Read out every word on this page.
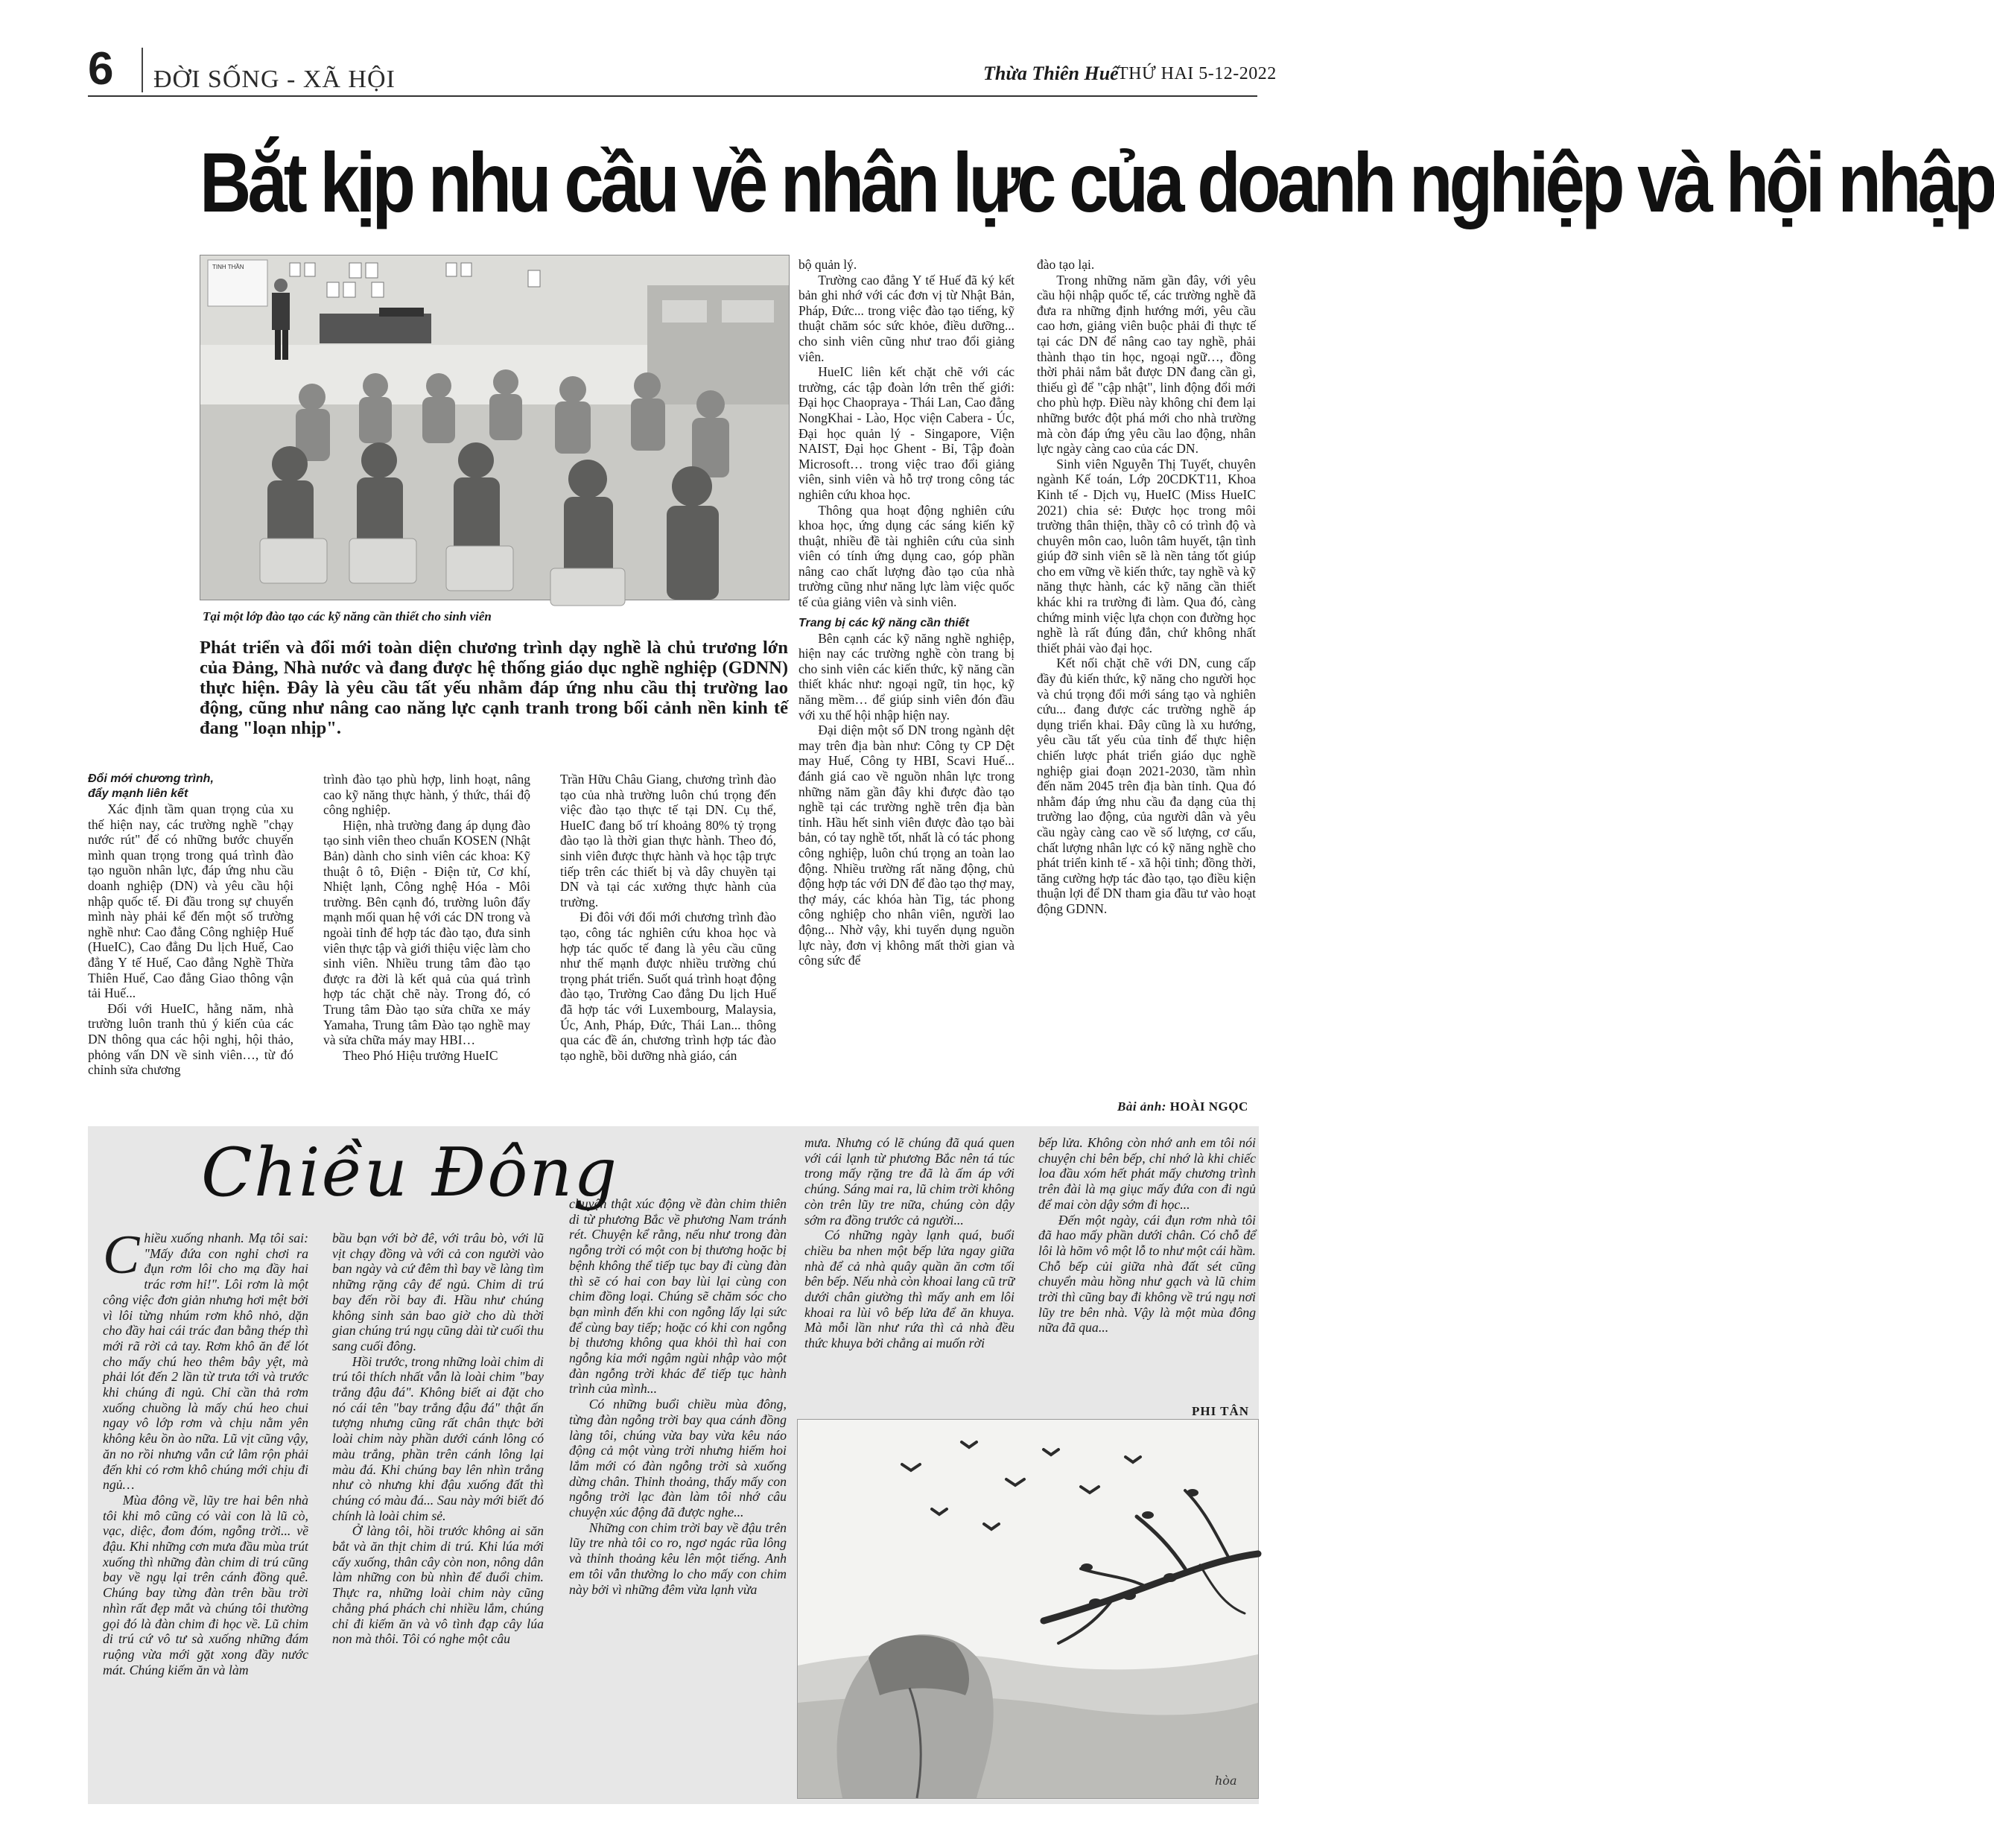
6 ĐỜI SỐNG - XÃ HỘI	Thừa Thiên Huế
THỨ HAI 5-12-2022
Bắt kịp nhu cầu về nhân lực của doanh nghiệp và hội nhập
TINH THẦN
Tại một lớp đào tạo các kỹ năng cần thiết cho sinh viên
Phát triển và đổi mới toàn diện chương trình dạy nghề là chủ trương lớn của Đảng, Nhà nước và đang được hệ thống giáo dục nghề nghiệp (GDNN) thực hiện. Đây là yêu cầu tất yếu nhằm đáp ứng nhu cầu thị trường lao động, cũng như nâng cao năng lực cạnh tranh trong bối cảnh nền kinh tế đang "loạn nhịp".

Đổi mới chương trình,

đẩy mạnh liên kết

Xác định tầm quan trọng của xu thế hiện nay, các trường nghề "chạy nước rút" để có những bước chuyển mình quan trọng trong quá trình đào tạo nguồn nhân lực, đáp ứng nhu cầu doanh nghiệp (DN) và yêu cầu hội nhập quốc tế. Đi đầu trong sự chuyển mình này phải kể đến một số trường nghề như: Cao đẳng Công nghiệp Huế (HueIC), Cao đẳng Du lịch Huế, Cao đẳng Y tế Huế, Cao đẳng Nghề Thừa Thiên Huế, Cao đẳng Giao thông vận tải Huế...

Đối với HueIC, hằng năm, nhà trường luôn tranh thủ ý kiến của các DN thông qua các hội nghị, hội thảo, phỏng vấn DN về sinh viên…, từ đó chỉnh sửa chương

trình đào tạo phù hợp, linh hoạt, nâng cao kỹ năng thực hành, ý thức, thái độ công nghiệp.

Hiện, nhà trường đang áp dụng đào tạo sinh viên theo chuẩn KOSEN (Nhật Bản) dành cho sinh viên các khoa: Kỹ thuật ô tô, Điện - Điện tử, Cơ khí, Nhiệt lạnh, Công nghệ Hóa - Môi trường. Bên cạnh đó, trường luôn đẩy mạnh mối quan hệ với các DN trong và ngoài tỉnh để hợp tác đào tạo, đưa sinh viên thực tập và giới thiệu việc làm cho sinh viên. Nhiều trung tâm đào tạo được ra đời là kết quả của quá trình hợp tác chặt chẽ này. Trong đó, có Trung tâm Đào tạo sửa chữa xe máy Yamaha, Trung tâm Đào tạo nghề may và sửa chữa máy may HBI…

Theo Phó Hiệu trưởng HueIC

Trần Hữu Châu Giang, chương trình đào tạo của nhà trường luôn chú trọng đến việc đào tạo thực tế tại DN. Cụ thể, HueIC đang bố trí khoảng 80% tỷ trọng đào tạo là thời gian thực hành. Theo đó, sinh viên được thực hành và học tập trực tiếp trên các thiết bị và dây chuyền tại DN và tại các xưởng thực hành của trường.

Đi đôi với đổi mới chương trình đào tạo, công tác nghiên cứu khoa học và hợp tác quốc tế đang là yêu cầu cũng như thế mạnh được nhiều trường chú trọng phát triển. Suốt quá trình hoạt động đào tạo, Trường Cao đẳng Du lịch Huế đã hợp tác với Luxembourg, Malaysia, Úc, Anh, Pháp, Đức, Thái Lan... thông qua các đề án, chương trình hợp tác đào tạo nghề, bồi dưỡng nhà giáo, cán

bộ quản lý.

Trường cao đẳng Y tế Huế đã ký kết bản ghi nhớ với các đơn vị từ Nhật Bản, Pháp, Đức... trong việc đào tạo tiếng, kỹ thuật chăm sóc sức khỏe, điều dưỡng... cho sinh viên cũng như trao đổi giảng viên.

HueIC liên kết chặt chẽ với các trường, các tập đoàn lớn trên thế giới: Đại học Chaopraya - Thái Lan, Cao đẳng NongKhai - Lào, Học viện Cabera - Úc, Đại học quản lý - Singapore, Viện NAIST, Đại học Ghent - Bỉ, Tập đoàn Microsoft… trong việc trao đổi giảng viên, sinh viên và hỗ trợ trong công tác nghiên cứu khoa học.

Thông qua hoạt động nghiên cứu khoa học, ứng dụng các sáng kiến kỹ thuật, nhiều đề tài nghiên cứu của sinh viên có tính ứng dụng cao, góp phần nâng cao chất lượng đào tạo của nhà trường cũng như năng lực làm việc quốc tế của giảng viên và sinh viên.

Trang bị các kỹ năng cần thiết

Bên cạnh các kỹ năng nghề nghiệp, hiện nay các trường nghề còn trang bị cho sinh viên các kiến thức, kỹ năng cần thiết khác như: ngoại ngữ, tin học, kỹ năng mềm… để giúp sinh viên đón đầu với xu thế hội nhập hiện nay.

Đại diện một số DN trong ngành dệt may trên địa bàn như: Công ty CP Dệt may Huế, Công ty HBI, Scavi Huế... đánh giá cao về nguồn nhân lực trong những năm gần đây khi được đào tạo nghề tại các trường nghề trên địa bàn tỉnh. Hầu hết sinh viên được đào tạo bài bản, có tay nghề tốt, nhất là có tác phong công nghiệp, luôn chú trọng an toàn lao động. Nhiều trường rất năng động, chủ động hợp tác với DN để đào tạo thợ may, thợ máy, các khóa hàn Tig, tác phong công nghiệp cho nhân viên, người lao động... Nhờ vậy, khi tuyển dụng nguồn lực này, đơn vị không mất thời gian và công sức để

đào tạo lại.

Trong những năm gần đây, với yêu cầu hội nhập quốc tế, các trường nghề đã đưa ra những định hướng mới, yêu cầu cao hơn, giảng viên buộc phải đi thực tế tại các DN để nâng cao tay nghề, phải thành thạo tin học, ngoại ngữ…, đồng thời phải nắm bắt được DN đang cần gì, thiếu gì để "cập nhật", linh động đổi mới cho phù hợp. Điều này không chỉ đem lại những bước đột phá mới cho nhà trường mà còn đáp ứng yêu cầu lao động, nhân lực ngày càng cao của các DN.

Sinh viên Nguyễn Thị Tuyết, chuyên ngành Kế toán, Lớp 20CDKT11, Khoa Kinh tế - Dịch vụ, HueIC (Miss HueIC 2021) chia sẻ: Được học trong môi trường thân thiện, thầy cô có trình độ và chuyên môn cao, luôn tâm huyết, tận tình giúp đỡ sinh viên sẽ là nền tảng tốt giúp cho em vững về kiến thức, tay nghề và kỹ năng thực hành, các kỹ năng cần thiết khác khi ra trường đi làm. Qua đó, càng chứng minh việc lựa chọn con đường học nghề là rất đúng đắn, chứ không nhất thiết phải vào đại học.

Kết nối chặt chẽ với DN, cung cấp đầy đủ kiến thức, kỹ năng cho người học và chú trọng đổi mới sáng tạo và nghiên cứu... đang được các trường nghề áp dụng triển khai. Đây cũng là xu hướng, yêu cầu tất yếu của tỉnh để thực hiện chiến lược phát triển giáo dục nghề nghiệp giai đoạn 2021-2030, tầm nhìn đến năm 2045 trên địa bàn tỉnh. Qua đó nhằm đáp ứng nhu cầu đa dạng của thị trường lao động, của người dân và yêu cầu ngày càng cao về số lượng, cơ cấu, chất lượng nhân lực có kỹ năng nghề cho phát triển kinh tế - xã hội tỉnh; đồng thời, tăng cường hợp tác đào tạo, tạo điều kiện thuận lợi để DN tham gia đầu tư vào hoạt động GDNN.

Bài ảnh: HOÀI NGỌC
Chiều Đông

Chiều xuống nhanh. Mạ tôi sai: "Mấy đứa con nghỉ chơi ra đụn rơm lôi cho mạ đầy hai trác rơm hỉ!". Lôi rơm là một công việc đơn giản nhưng hơi mệt bởi vì lôi từng nhúm rơm khô nhỏ, dặn cho đầy hai cái trác đan bằng thép thì mới rã rời cả tay. Rơm khô ăn để lót cho mấy chú heo thêm bây yệt, mà phải lót đến 2 lần từ trưa tới và trước khi chúng đi ngủ. Chỉ cần thả rơm xuống chuồng là mấy chú heo chui ngay vô lớp rơm và chịu nằm yên không kêu ồn ào nữa. Lũ vịt cũng vậy, ăn no rồi nhưng vẫn cứ lâm rộn phải đến khi có rơm khô chúng mới chịu đi ngủ…

Mùa đông về, lũy tre hai bên nhà tôi khi mô cũng có vài con là lũ cò, vạc, diệc, đom đóm, ngỗng trời... về đậu. Khi những cơn mưa đầu mùa trút xuống thì những đàn chim di trú cũng bay về ngụ lại trên cánh đồng quê. Chúng bay từng đàn trên bầu trời nhìn rất đẹp mắt và chúng tôi thường gọi đó là đàn chim đi học về. Lũ chim di trú cứ vô tư sà xuống những đám ruộng vừa mới gặt xong đầy nước mát. Chúng kiếm ăn và làm

bầu bạn với bờ đê, với trâu bò, với lũ vịt chạy đồng và với cả con người vào ban ngày và cứ đêm thì bay về làng tìm những rặng cây để ngủ. Chim di trú bay đến rồi bay đi. Hầu như chúng không sinh sản bao giờ cho dù thời gian chúng trú ngụ cũng dài từ cuối thu sang cuối đông.

Hồi trước, trong những loài chim di trú tôi thích nhất vẫn là loài chim "bay trắng đậu đá". Không biết ai đặt cho nó cái tên "bay trắng đậu đá" thật ấn tượng nhưng cũng rất chân thực bởi loài chim này phần dưới cánh lông có màu trắng, phần trên cánh lông lại màu đá. Khi chúng bay lên nhìn trắng như cò nhưng khi đậu xuống đất thì chúng có màu đá... Sau này mới biết đó chính là loài chim sẻ.

Ở làng tôi, hồi trước không ai săn bắt và ăn thịt chim di trú. Khi lúa mới cấy xuống, thân cây còn non, nông dân làm những con bù nhìn để đuổi chim. Thực ra, những loài chim này cũng chẳng phá phách chi nhiều lắm, chúng chỉ đi kiếm ăn và vô tình đạp cây lúa non mà thôi. Tôi có nghe một câu

chuyện thật xúc động về đàn chim thiên di từ phương Bắc về phương Nam tránh rét. Chuyện kể rằng, nếu như trong đàn ngỗng trời có một con bị thương hoặc bị bệnh không thể tiếp tục bay đi cùng đàn thì sẽ có hai con bay lùi lại cùng con chim đồng loại. Chúng sẽ chăm sóc cho bạn mình đến khi con ngỗng lấy lại sức để cùng bay tiếp; hoặc có khi con ngỗng bị thương không qua khỏi thì hai con ngỗng kia mới ngậm ngùi nhập vào một đàn ngỗng trời khác để tiếp tục hành trình của mình...

Có những buổi chiều mùa đông, từng đàn ngỗng trời bay qua cánh đồng làng tôi, chúng vừa bay vừa kêu náo động cả một vùng trời nhưng hiếm hoi lắm mới có đàn ngỗng trời sà xuống dừng chân. Thỉnh thoảng, thấy mấy con ngỗng trời lạc đàn làm tôi nhớ câu chuyện xúc động đã được nghe...

Những con chim trời bay về đậu trên lũy tre nhà tôi co ro, ngơ ngác rũa lông và thỉnh thoảng kêu lên một tiếng. Anh em tôi vẫn thường lo cho mấy con chim này bởi vì những đêm vừa lạnh vừa

mưa. Nhưng có lẽ chúng đã quá quen với cái lạnh từ phương Bắc nên tá túc trong mấy rặng tre đã là ấm áp với chúng. Sáng mai ra, lũ chim trời không còn trên lũy tre nữa, chúng còn dậy sớm ra đồng trước cả người...

Có những ngày lạnh quá, buổi chiều ba nhen một bếp lửa ngay giữa nhà để cả nhà quây quần ăn cơm tối bên bếp. Nếu nhà còn khoai lang cũ trữ dưới chân giường thì mấy anh em lôi khoai ra lùi vô bếp lửa để ăn khuya. Mà mỗi lần như rứa thì cả nhà đều thức khuya bởi chẳng ai muốn rời

bếp lửa. Không còn nhớ anh em tôi nói chuyện chi bên bếp, chỉ nhớ là khi chiếc loa đầu xóm hết phát mấy chương trình trên đài là mạ giục mấy đứa con đi ngủ để mai còn dậy sớm đi học...

Đến một ngày, cái đụn rơm nhà tôi đã hao mấy phần dưới chân. Có chỗ để lôi là hõm vô một lỗ to như một cái hầm. Chỗ bếp củi giữa nhà đất sét cũng chuyển màu hồng như gạch và lũ chim trời thì cũng bay đi không về trú ngụ nơi lũy tre bên nhà. Vậy là một mùa đông nữa đã qua...

PHI TÂN
hòa
